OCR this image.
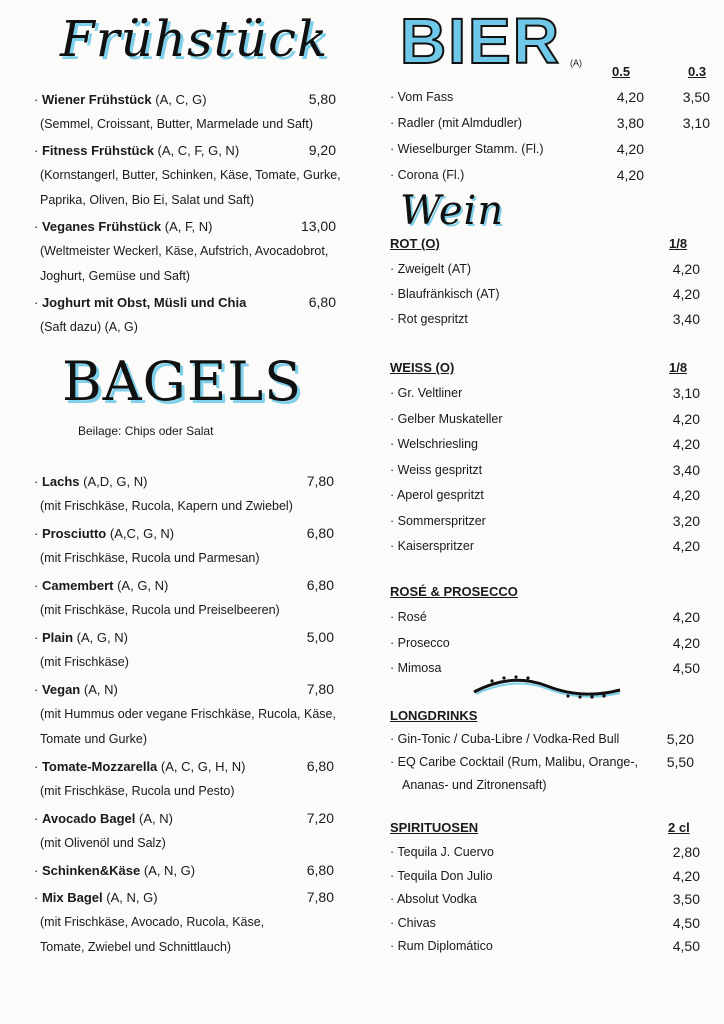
Frühstück
· Wiener Frühstück (A, C, G)	5,80
(Semmel, Croissant, Butter, Marmelade und Saft)
· Fitness Frühstück (A, C, F, G, N)	9,20
(Kornstangerl, Butter, Schinken, Käse, Tomate, Gurke,
Paprika, Oliven, Bio Ei, Salat und Saft)
· Veganes Frühstück (A, F, N)	13,00
(Weltmeister Weckerl, Käse, Aufstrich, Avocadobrot,
Joghurt, Gemüse und Saft)
· Joghurt mit Obst, Müsli und Chia	6,80
(Saft dazu) (A, G)
BAGELS
Beilage: Chips oder Salat
· Lachs (A,D, G, N)	7,80
(mit Frischkäse, Rucola, Kapern und Zwiebel)
· Prosciutto (A,C, G, N)	6,80
(mit Frischkäse, Rucola und Parmesan)
· Camembert (A, G, N)	6,80
(mit Frischkäse, Rucola und Preiselbeeren)
· Plain (A, G, N)	5,00
(mit Frischkäse)
· Vegan (A, N)	7,80
(mit Hummus oder vegane Frischkäse, Rucola, Käse,
Tomate und Gurke)
· Tomate-Mozzarella (A, C, G, H, N)	6,80
(mit Frischkäse, Rucola und Pesto)
· Avocado Bagel (A, N)	7,20
(mit Olivenöl und Salz)
· Schinken&Käse (A, N, G)	6,80
· Mix Bagel (A, N, G)	7,80
(mit Frischkäse, Avocado, Rucola, Käse,
Tomate, Zwiebel und Schnittlauch)
BIER (A)
0.5	0.3
· Vom Fass	4,20	3,50
· Radler (mit Almdudler)	3,80	3,10
· Wieselburger Stamm. (Fl.)	4,20
· Corona (Fl.)	4,20
Wein
ROT (O)	1/8
· Zweigelt (AT)	4,20
· Blaufränkisch (AT)	4,20
· Rot gespritzt	3,40
WEISS (O)	1/8
· Gr. Veltliner	3,10
· Gelber Muskateller	4,20
· Welschriesling	4,20
· Weiss gespritzt	3,40
· Aperol gespritzt	4,20
· Sommerspritzer	3,20
· Kaiserspritzer	4,20
ROSÉ & PROSECCO
· Rosé	4,20
· Prosecco	4,20
· Mimosa	4,50
LONGDRINKS
· Gin-Tonic / Cuba-Libre / Vodka-Red Bull	5,20
· EQ Caribe Cocktail (Rum, Malibu, Orange-,	5,50
Ananas- und Zitronensaft)
SPIRITUOSEN	2 cl
· Tequila J. Cuervo	2,80
· Tequila Don Julio	4,20
· Absolut Vodka	3,50
· Chivas	4,50
· Rum Diplomático	4,50
